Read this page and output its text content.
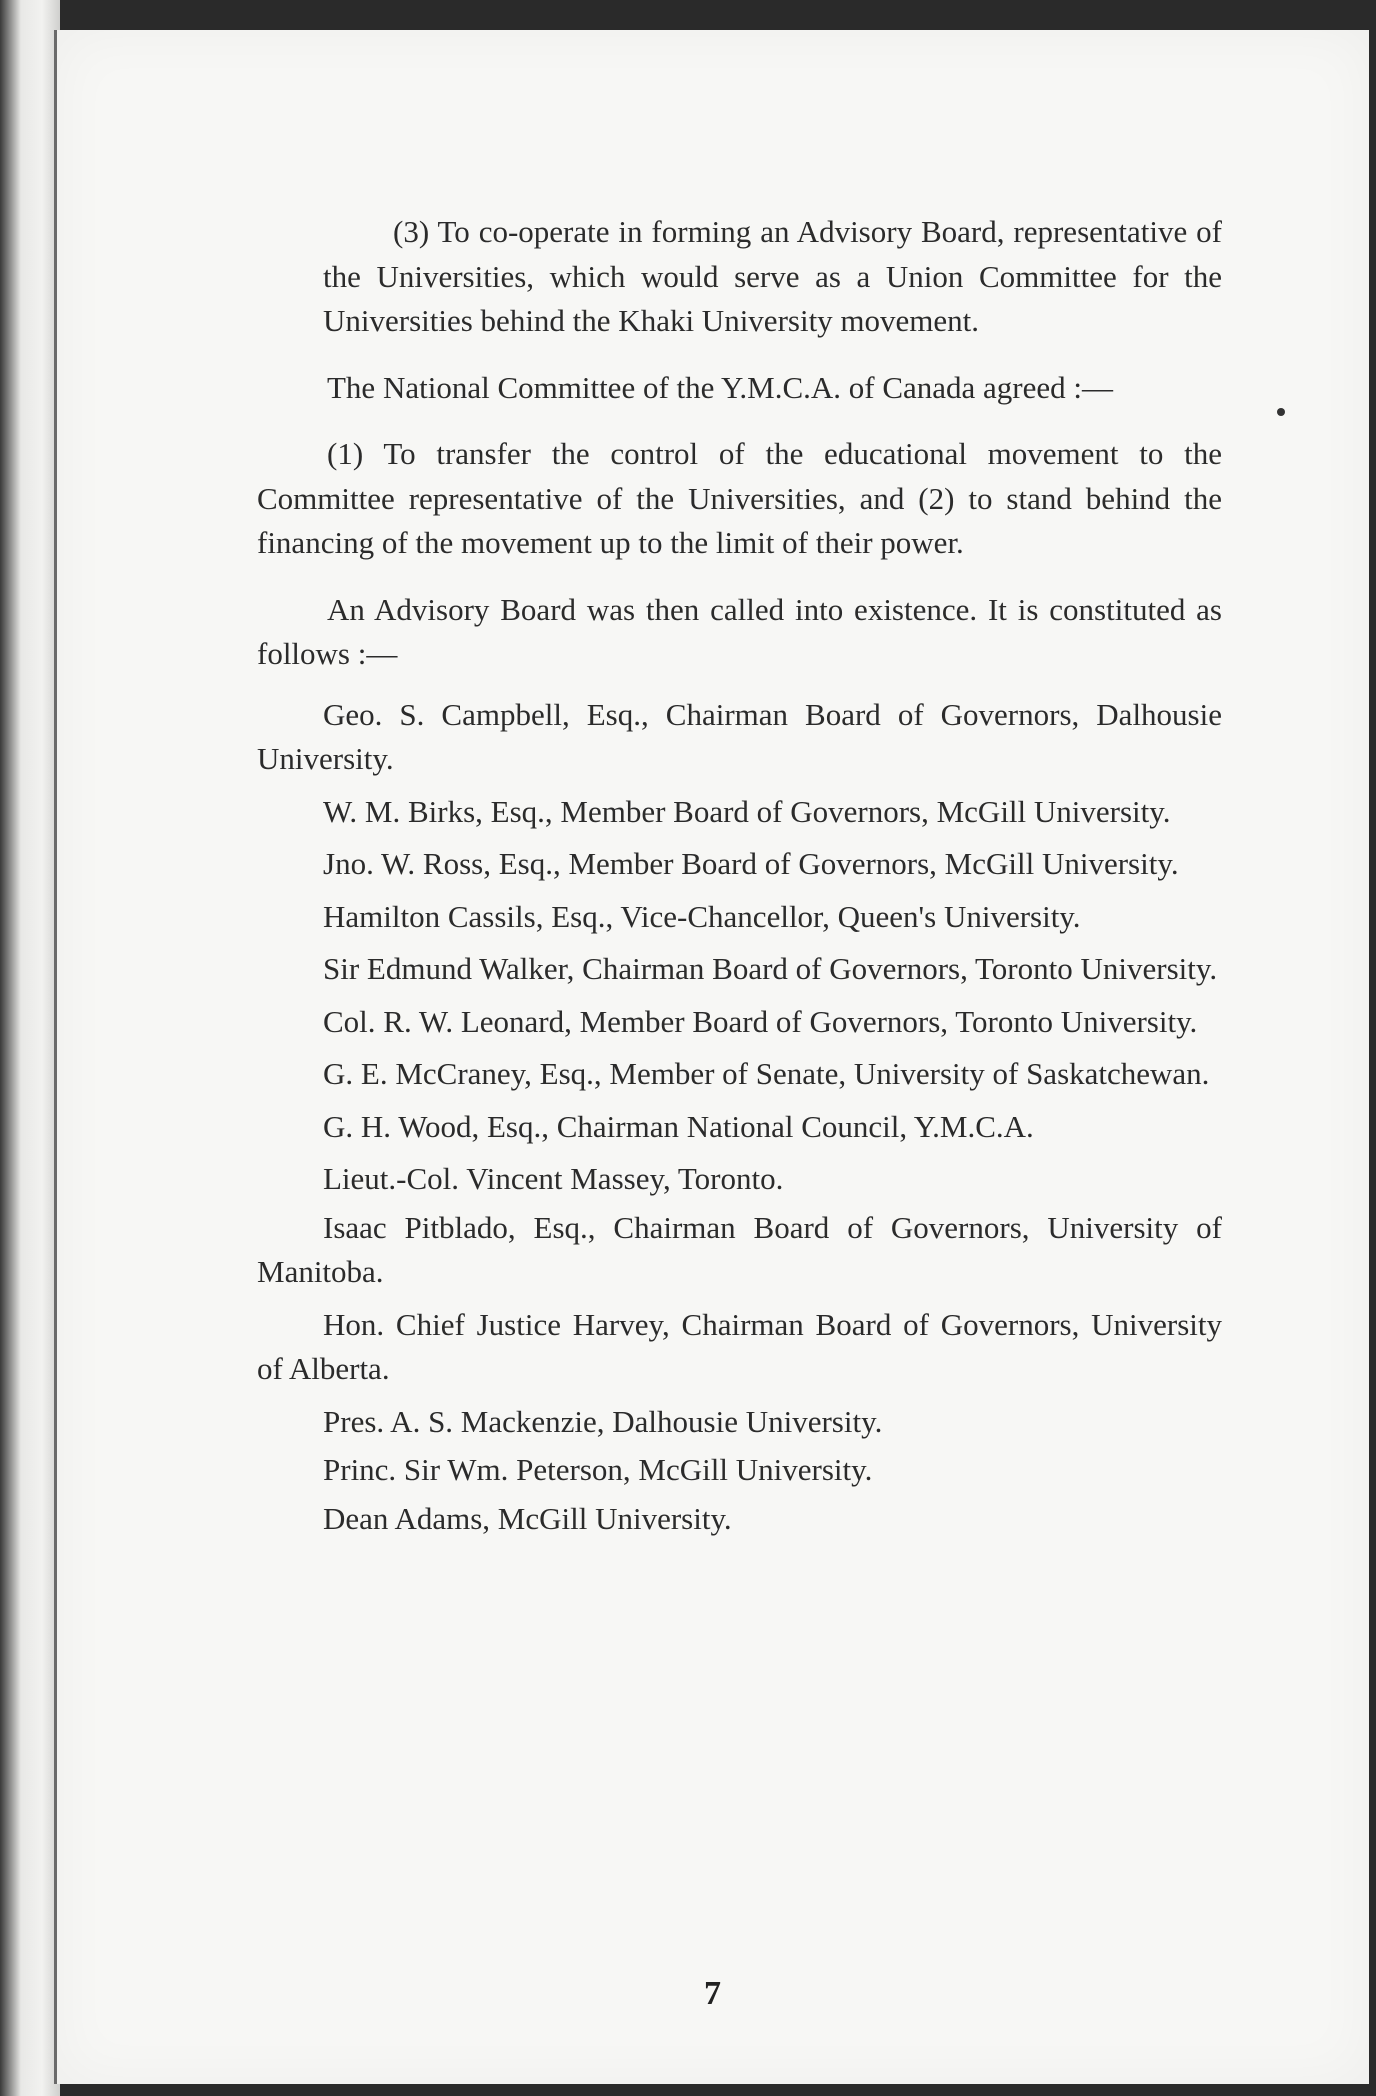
(3) To co-operate in forming an Advisory Board, representative of the Universities, which would serve as a Union Committee for the Universities behind the Khaki University movement.

The National Committee of the Y.M.C.A. of Canada agreed :—

(1) To transfer the control of the educational movement to the Committee representative of the Universities, and (2) to stand behind the financing of the movement up to the limit of their power.

An Advisory Board was then called into existence. It is constituted as follows :—

Geo. S. Campbell, Esq., Chairman Board of Governors, Dalhousie University.

W. M. Birks, Esq., Member Board of Governors, McGill University.

Jno. W. Ross, Esq., Member Board of Governors, McGill University.

Hamilton Cassils, Esq., Vice-Chancellor, Queen's University.

Sir Edmund Walker, Chairman Board of Governors, Toronto University.

Col. R. W. Leonard, Member Board of Governors, Toronto University.

G. E. McCraney, Esq., Member of Senate, University of Saskatchewan.

G. H. Wood, Esq., Chairman National Council, Y.M.C.A.

Lieut.-Col. Vincent Massey, Toronto.

Isaac Pitblado, Esq., Chairman Board of Governors, University of Manitoba.

Hon. Chief Justice Harvey, Chairman Board of Governors, University of Alberta.

Pres. A. S. Mackenzie, Dalhousie University.

Princ. Sir Wm. Peterson, McGill University.

Dean Adams, McGill University.

7
